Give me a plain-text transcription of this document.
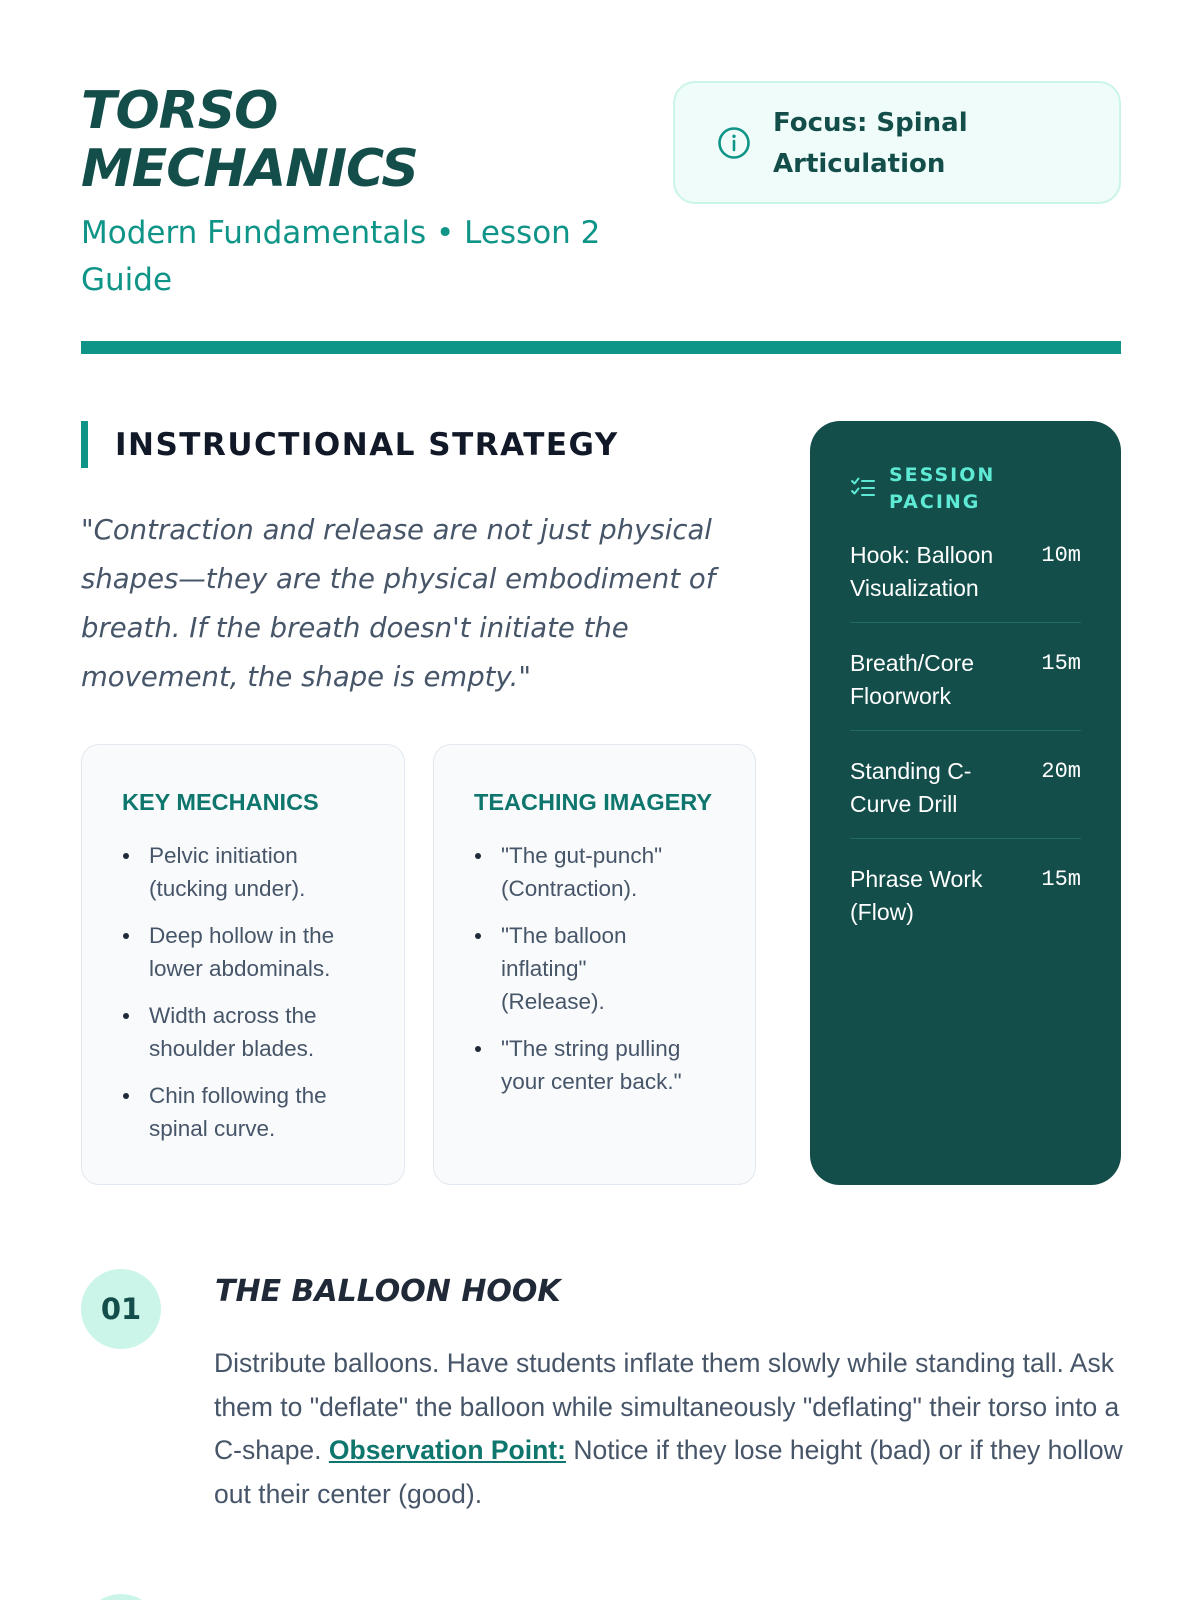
TORSO
MECHANICS
Modern Fundamentals • Lesson 2 Guide
Focus: Spinal Articulation
INSTRUCTIONAL STRATEGY
"Contraction and release are not just physical shapes—they are the physical embodiment of breath. If the breath doesn't initiate the movement, the shape is empty."
KEY MECHANICS
Pelvic initiation (tucking under).
Deep hollow in the lower abdominals.
Width across the shoulder blades.
Chin following the spinal curve.
TEACHING IMAGERY
"The gut-punch" (Contraction).
"The balloon inflating" (Release).
"The string pulling your center back."
SESSION PACING
Hook: Balloon Visualization
10m
Breath/Core Floorwork
15m
Standing C-Curve Drill
20m
Phrase Work (Flow)
15m
01	THE BALLOON HOOK
Distribute balloons. Have students inflate them slowly while standing tall. Ask them to "deflate" the balloon while simultaneously "deflating" their torso into a C-shape. Observation Point: Notice if they lose height (bad) or if they hollow out their center (good).
